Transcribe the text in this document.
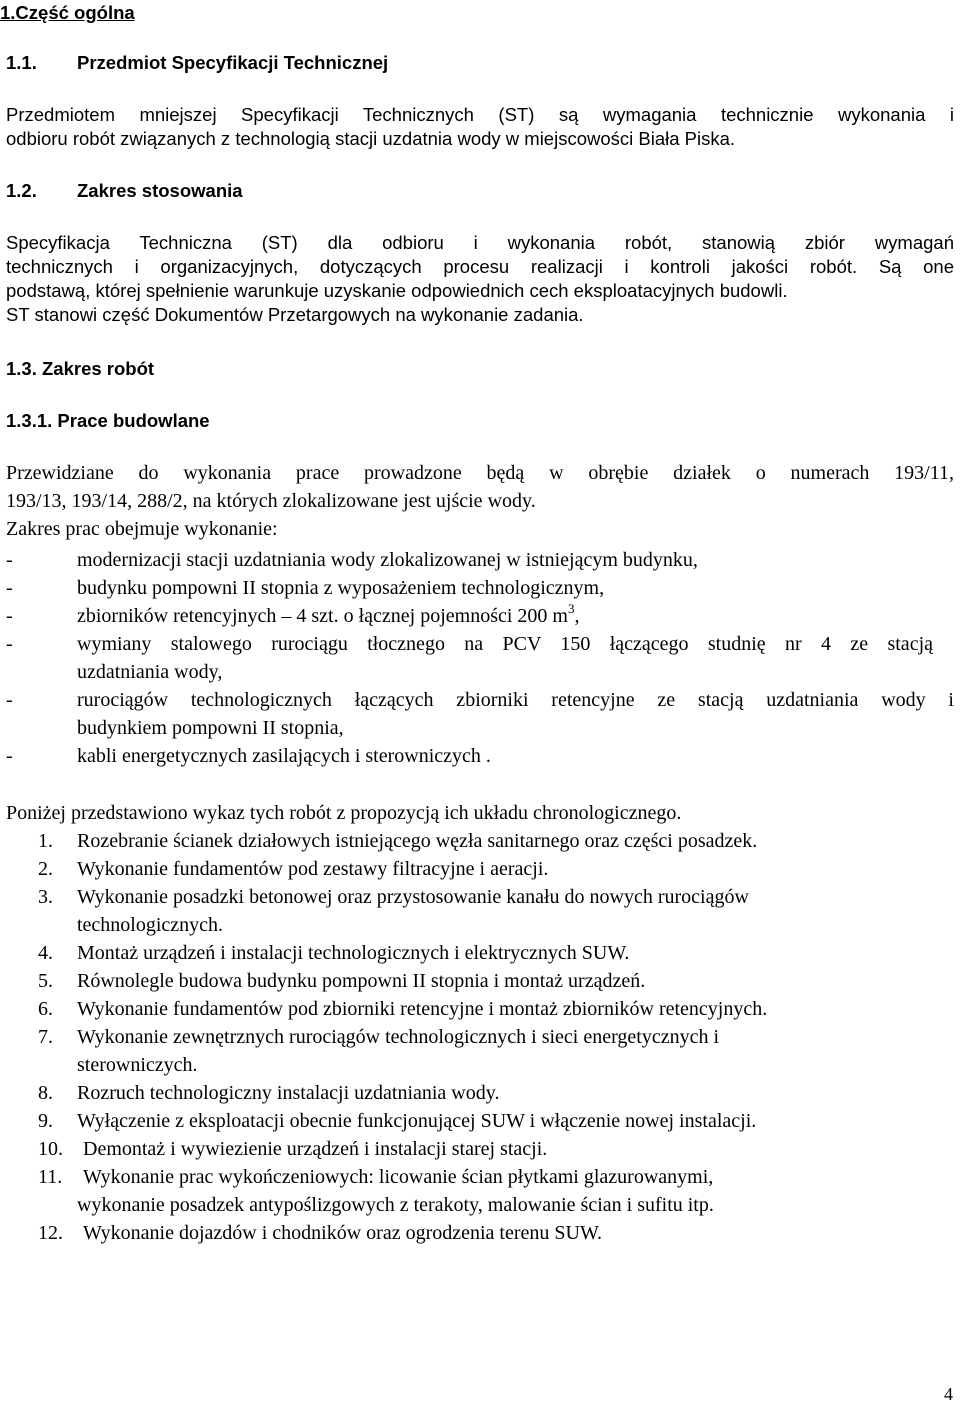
1.Część ogólna
1.1. Przedmiot Specyfikacji Technicznej
Przedmiotem mniejszej Specyfikacji Technicznych (ST) są wymagania technicznie wykonania i
odbioru robót związanych z technologią stacji uzdatnia wody w miejscowości Biała Piska.
1.2. Zakres stosowania
Specyfikacja Techniczna (ST) dla odbioru i wykonania robót, stanowią zbiór wymagań
technicznych i organizacyjnych, dotyczących procesu realizacji i kontroli jakości robót. Są one
podstawą, której spełnienie warunkuje uzyskanie odpowiednich cech eksploatacyjnych budowli.
ST stanowi część Dokumentów Przetargowych na wykonanie zadania.
1.3. Zakres robót
1.3.1. Prace budowlane
Przewidziane do wykonania prace prowadzone będą w obrębie działek o numerach 193/11,
193/13, 193/14, 288/2, na których zlokalizowane jest ujście wody.
Zakres prac obejmuje wykonanie:
-	modernizacji stacji uzdatniania wody zlokalizowanej w istniejącym budynku,
-	budynku pompowni II stopnia z wyposażeniem technologicznym,
-	zbiorników retencyjnych – 4 szt. o łącznej pojemności 200 $m^3$,
-	wymiany stalowego rurociągu tłocznego na PCV 150 łączącego studnię nr 4 ze stacją
uzdatniania wody,
-	rurociągów technologicznych łączących zbiorniki retencyjne ze stacją uzdatniania wody i
budynkiem pompowni II stopnia,
-	kabli energetycznych zasilających i sterowniczych .
Poniżej przedstawiono wykaz tych robót z propozycją ich układu chronologicznego.
1. Rozebranie ścianek działowych istniejącego węzła sanitarnego oraz części posadzek.
2. Wykonanie fundamentów pod zestawy filtracyjne i aeracji.
3. Wykonanie posadzki betonowej oraz przystosowanie kanału do nowych rurociągów
technologicznych.
4. Montaż urządzeń i instalacji technologicznych i elektrycznych SUW.
5. Równolegle budowa budynku pompowni II stopnia i montaż urządzeń.
6. Wykonanie fundamentów pod zbiorniki retencyjne i montaż zbiorników retencyjnych.
7. Wykonanie zewnętrznych rurociągów technologicznych i sieci energetycznych i
sterowniczych.
8. Rozruch technologiczny instalacji uzdatniania wody.
9. Wyłączenie z eksploatacji obecnie funkcjonującej SUW i włączenie nowej instalacji.
10. Demontaż i wywiezienie urządzeń i instalacji starej stacji.
11. Wykonanie prac wykończeniowych: licowanie ścian płytkami glazurowanymi,
wykonanie posadzek antypoślizgowych z terakoty, malowanie ścian i sufitu itp.
12. Wykonanie dojazdów i chodników oraz ogrodzenia terenu SUW.
4
